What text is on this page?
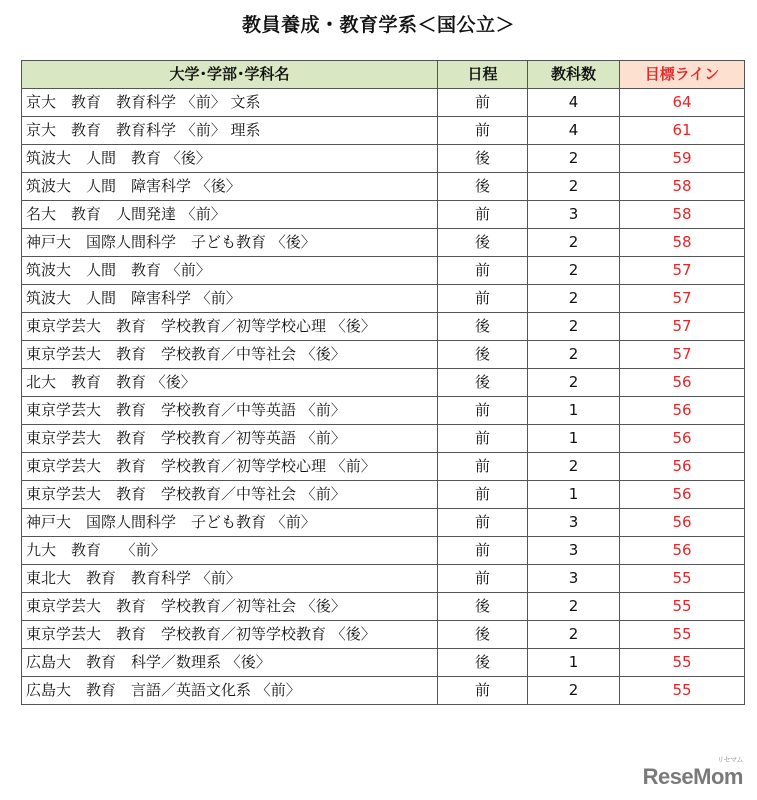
教員養成・教育学系＜国公立＞
大学･学部･学科名	日程	教科数	目標ライン
京大　教育　教育科学 〈前〉 文系	前	4	64
京大　教育　教育科学 〈前〉 理系	前	4	61
筑波大　人間　教育 〈後〉	後	2	59
筑波大　人間　障害科学 〈後〉	後	2	58
名大　教育　人間発達 〈前〉	前	3	58
神戸大　国際人間科学　子ども教育 〈後〉	後	2	58
筑波大　人間　教育 〈前〉	前	2	57
筑波大　人間　障害科学 〈前〉	前	2	57
東京学芸大　教育　学校教育／初等学校心理 〈後〉	後	2	57
東京学芸大　教育　学校教育／中等社会 〈後〉	後	2	57
北大　教育　教育 〈後〉	後	2	56
東京学芸大　教育　学校教育／中等英語 〈前〉	前	1	56
東京学芸大　教育　学校教育／初等英語 〈前〉	前	1	56
東京学芸大　教育　学校教育／初等学校心理 〈前〉	前	2	56
東京学芸大　教育　学校教育／中等社会 〈前〉	前	1	56
神戸大　国際人間科学　子ども教育 〈前〉	前	3	56
九大　教育　 〈前〉	前	3	56
東北大　教育　教育科学 〈前〉	前	3	55
東京学芸大　教育　学校教育／初等社会 〈後〉	後	2	55
東京学芸大　教育　学校教育／初等学校教育 〈後〉	後	2	55
広島大　教育　科学／数理系 〈後〉	後	1	55
広島大　教育　言語／英語文化系 〈前〉	前	2	55
ReseMom
リセマム
